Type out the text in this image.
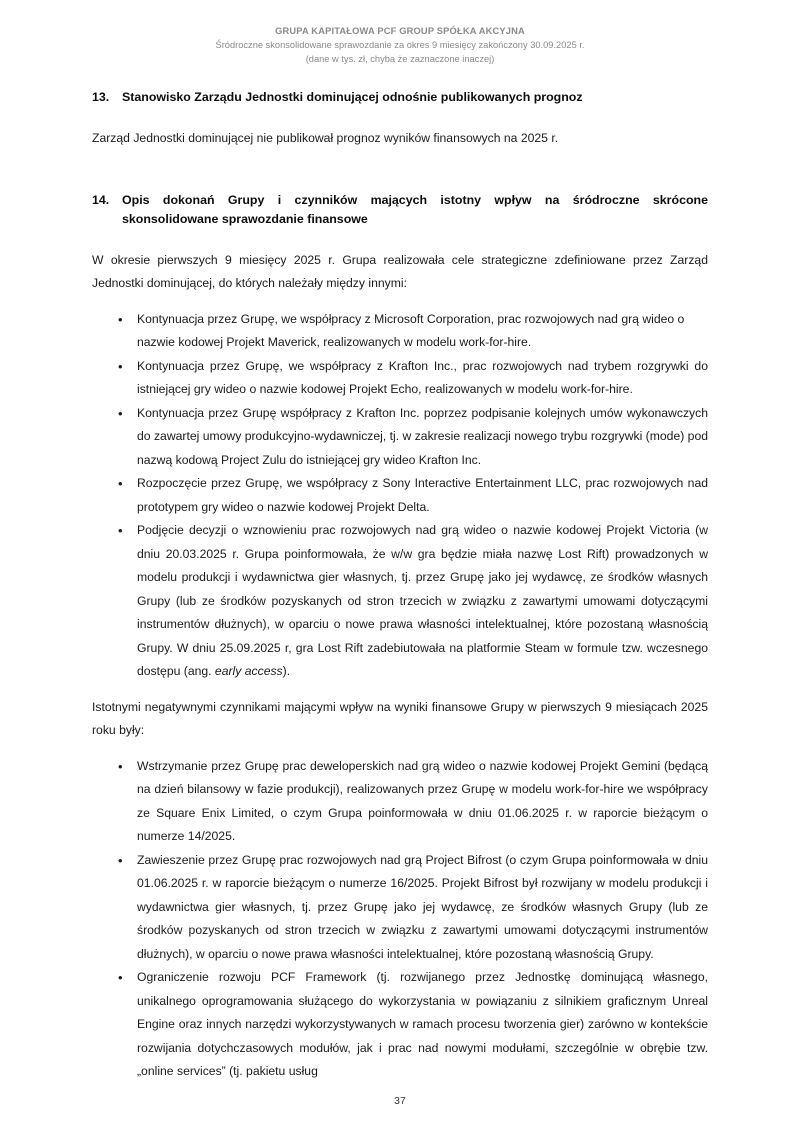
GRUPA KAPITAŁOWA PCF GROUP SPÓŁKA AKCYJNA
Śródroczne skonsolidowane sprawozdanie za okres 9 miesięcy zakończony 30.09.2025 r.
(dane w tys. zł, chyba że zaznaczone inaczej)
13.	Stanowisko Zarządu Jednostki dominującej odnośnie publikowanych prognoz

Zarząd Jednostki dominującej nie publikował prognoz wyników finansowych na 2025 r.

14.	Opis dokonań Grupy i czynników mających istotny wpływ na śródroczne skrócone skonsolidowane sprawozdanie finansowe

W okresie pierwszych 9 miesięcy 2025 r. Grupa realizowała cele strategiczne zdefiniowane przez Zarząd Jednostki dominującej, do których należały między innymi:

• Kontynuacja przez Grupę, we współpracy z Microsoft Corporation, prac rozwojowych nad grą wideo o nazwie kodowej Projekt Maverick, realizowanych w modelu work-for-hire.
• Kontynuacja przez Grupę, we współpracy z Krafton Inc., prac rozwojowych nad trybem rozgrywki do istniejącej gry wideo o nazwie kodowej Projekt Echo, realizowanych w modelu work-for-hire.
• Kontynuacja przez Grupę współpracy z Krafton Inc. poprzez podpisanie kolejnych umów wykonawczych do zawartej umowy produkcyjno-wydawniczej, tj. w zakresie realizacji nowego trybu rozgrywki (mode) pod nazwą kodową Project Zulu do istniejącej gry wideo Krafton Inc.
• Rozpoczęcie przez Grupę, we współpracy z Sony Interactive Entertainment LLC, prac rozwojowych nad prototypem gry wideo o nazwie kodowej Projekt Delta.
• Podjęcie decyzji o wznowieniu prac rozwojowych nad grą wideo o nazwie kodowej Projekt Victoria (w dniu 20.03.2025 r. Grupa poinformowała, że w/w gra będzie miała nazwę Lost Rift) prowadzonych w modelu produkcji i wydawnictwa gier własnych, tj. przez Grupę jako jej wydawcę, ze środków własnych Grupy (lub ze środków pozyskanych od stron trzecich w związku z zawartymi umowami dotyczącymi instrumentów dłużnych), w oparciu o nowe prawa własności intelektualnej, które pozostaną własnością Grupy. W dniu 25.09.2025 r, gra Lost Rift zadebiutowała na platformie Steam w formule tzw. wczesnego dostępu (ang. early access).

Istotnymi negatywnymi czynnikami mającymi wpływ na wyniki finansowe Grupy w pierwszych 9 miesiącach 2025 roku były:

• Wstrzymanie przez Grupę prac deweloperskich nad grą wideo o nazwie kodowej Projekt Gemini (będącą na dzień bilansowy w fazie produkcji), realizowanych przez Grupę w modelu work-for-hire we współpracy ze Square Enix Limited, o czym Grupa poinformowała w dniu 01.06.2025 r. w raporcie bieżącym o numerze 14/2025.
• Zawieszenie przez Grupę prac rozwojowych nad grą Project Bifrost (o czym Grupa poinformowała w dniu 01.06.2025 r. w raporcie bieżącym o numerze 16/2025. Projekt Bifrost był rozwijany w modelu produkcji i wydawnictwa gier własnych, tj. przez Grupę jako jej wydawcę, ze środków własnych Grupy (lub ze środków pozyskanych od stron trzecich w związku z zawartymi umowami dotyczącymi instrumentów dłużnych), w oparciu o nowe prawa własności intelektualnej, które pozostaną własnością Grupy.
• Ograniczenie rozwoju PCF Framework (tj. rozwijanego przez Jednostkę dominującą własnego, unikalnego oprogramowania służącego do wykorzystania w powiązaniu z silnikiem graficznym Unreal Engine oraz innych narzędzi wykorzystywanych w ramach procesu tworzenia gier) zarówno w kontekście rozwijania dotychczasowych modułów, jak i prac nad nowymi modułami, szczególnie w obrębie tzw. „online services” (tj. pakietu usług
37
